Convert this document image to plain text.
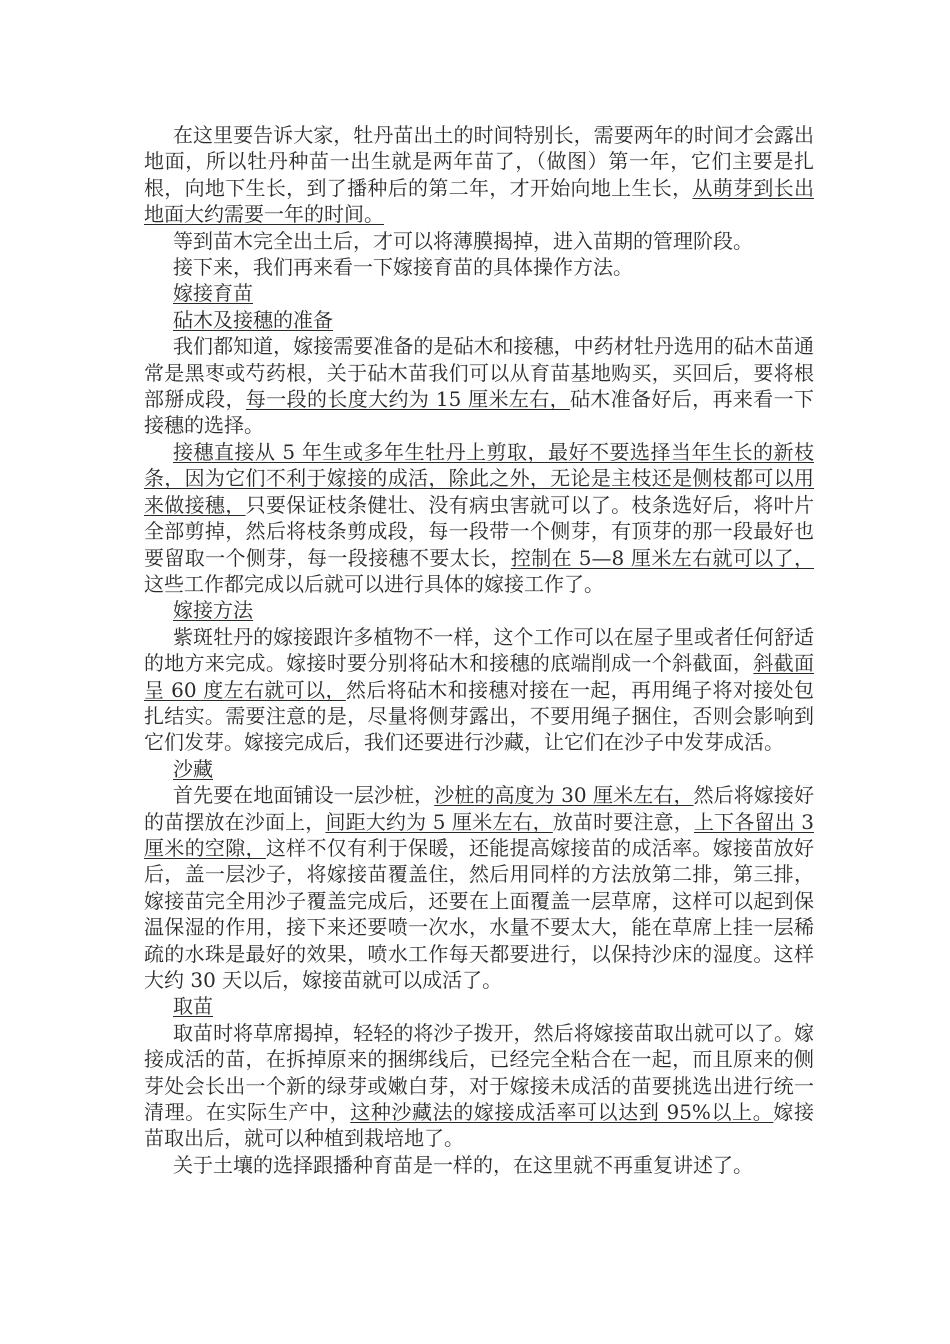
在这里要告诉大家，牡丹苗出土的时间特别长，需要两年的时间才会露出地面，所以牡丹种苗一出生就是两年苗了，（做图）第一年，它们主要是扎根，向地下生长，到了播种后的第二年，才开始向地上生长，从萌芽到长出地面大约需要一年的时间。

等到苗木完全出土后，才可以将薄膜揭掉，进入苗期的管理阶段。

接下来，我们再来看一下嫁接育苗的具体操作方法。

嫁接育苗

砧木及接穗的准备

我们都知道，嫁接需要准备的是砧木和接穗，中药材牡丹选用的砧木苗通常是黑枣或芍药根，关于砧木苗我们可以从育苗基地购买，买回后，要将根部掰成段，每一段的长度大约为 15 厘米左右，砧木准备好后，再来看一下接穗的选择。

接穗直接从 5 年生或多年生牡丹上剪取，最好不要选择当年生长的新枝条，因为它们不利于嫁接的成活，除此之外，无论是主枝还是侧枝都可以用来做接穗，只要保证枝条健壮、没有病虫害就可以了。枝条选好后，将叶片全部剪掉，然后将枝条剪成段，每一段带一个侧芽，有顶芽的那一段最好也要留取一个侧芽，每一段接穗不要太长，控制在 5—8 厘米左右就可以了，这些工作都完成以后就可以进行具体的嫁接工作了。

嫁接方法

紫斑牡丹的嫁接跟许多植物不一样，这个工作可以在屋子里或者任何舒适的地方来完成。嫁接时要分别将砧木和接穗的底端削成一个斜截面，斜截面呈 60 度左右就可以，然后将砧木和接穗对接在一起，再用绳子将对接处包扎结实。需要注意的是，尽量将侧芽露出，不要用绳子捆住，否则会影响到它们发芽。嫁接完成后，我们还要进行沙藏，让它们在沙子中发芽成活。

沙藏

首先要在地面铺设一层沙桩，沙桩的高度为 30 厘米左右，然后将嫁接好的苗摆放在沙面上，间距大约为 5 厘米左右，放苗时要注意，上下各留出 3 厘米的空隙，这样不仅有利于保暖，还能提高嫁接苗的成活率。嫁接苗放好后，盖一层沙子，将嫁接苗覆盖住，然后用同样的方法放第二排，第三排，嫁接苗完全用沙子覆盖完成后，还要在上面覆盖一层草席，这样可以起到保温保湿的作用，接下来还要喷一次水，水量不要太大，能在草席上挂一层稀疏的水珠是最好的效果，喷水工作每天都要进行，以保持沙床的湿度。这样大约 30 天以后，嫁接苗就可以成活了。

取苗

取苗时将草席揭掉，轻轻的将沙子拨开，然后将嫁接苗取出就可以了。嫁接成活的苗，在拆掉原来的捆绑线后，已经完全粘合在一起，而且原来的侧芽处会长出一个新的绿芽或嫩白芽，对于嫁接未成活的苗要挑选出进行统一清理。在实际生产中，这种沙藏法的嫁接成活率可以达到 95%以上。嫁接苗取出后，就可以种植到栽培地了。

关于土壤的选择跟播种育苗是一样的，在这里就不再重复讲述了。
